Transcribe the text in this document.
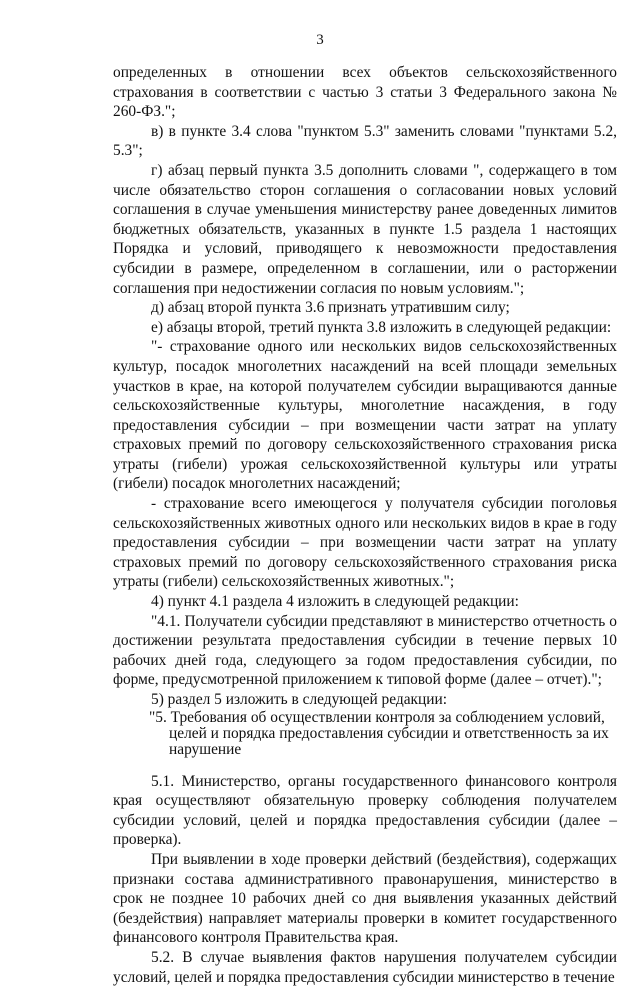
3

определенных в отношении всех объектов сельскохозяйственного страхования в соответствии с частью 3 статьи 3 Федерального закона № 260-ФЗ.";

в) в пункте 3.4 слова "пунктом 5.3" заменить словами "пунктами 5.2, 5.3";

г) абзац первый пункта 3.5 дополнить словами ", содержащего в том числе обязательство сторон соглашения о согласовании новых условий соглашения в случае уменьшения министерству ранее доведенных лимитов бюджетных обязательств, указанных в пункте 1.5 раздела 1 настоящих Порядка и условий, приводящего к невозможности предоставления субсидии в размере, определенном в соглашении, или о расторжении соглашения при недостижении согласия по новым условиям.";

д) абзац второй пункта 3.6 признать утратившим силу;

е) абзацы второй, третий пункта 3.8 изложить в следующей редакции:

"- страхование одного или нескольких видов сельскохозяйственных культур, посадок многолетних насаждений на всей площади земельных участков в крае, на которой получателем субсидии выращиваются данные сельскохозяйственные культуры, многолетние насаждения, в году предоставления субсидии – при возмещении части затрат на уплату страховых премий по договору сельскохозяйственного страхования риска утраты (гибели) урожая сельскохозяйственной культуры или утраты (гибели) посадок многолетних насаждений;

- страхование всего имеющегося у получателя субсидии поголовья сельскохозяйственных животных одного или нескольких видов в крае в году предоставления субсидии – при возмещении части затрат на уплату страховых премий по договору сельскохозяйственного страхования риска утраты (гибели) сельскохозяйственных животных.";

4) пункт 4.1 раздела 4 изложить в следующей редакции:

"4.1. Получатели субсидии представляют в министерство отчетность о достижении результата предоставления субсидии в течение первых 10 рабочих дней года, следующего за годом предоставления субсидии, по форме, предусмотренной приложением к типовой форме (далее – отчет).";

5) раздел 5 изложить в следующей редакции:

"5. Требования об осуществлении контроля за соблюдением условий,
целей и порядка предоставления субсидии и ответственность за их нарушение

5.1. Министерство, органы государственного финансового контроля края осуществляют обязательную проверку соблюдения получателем субсидии условий, целей и порядка предоставления субсидии (далее – проверка).

При выявлении в ходе проверки действий (бездействия), содержащих признаки состава административного правонарушения, министерство в срок не позднее 10 рабочих дней со дня выявления указанных действий (бездействия) направляет материалы проверки в комитет государственного финансового контроля Правительства края.

5.2. В случае выявления фактов нарушения получателем субсидии условий, целей и порядка предоставления субсидии министерство в течение
